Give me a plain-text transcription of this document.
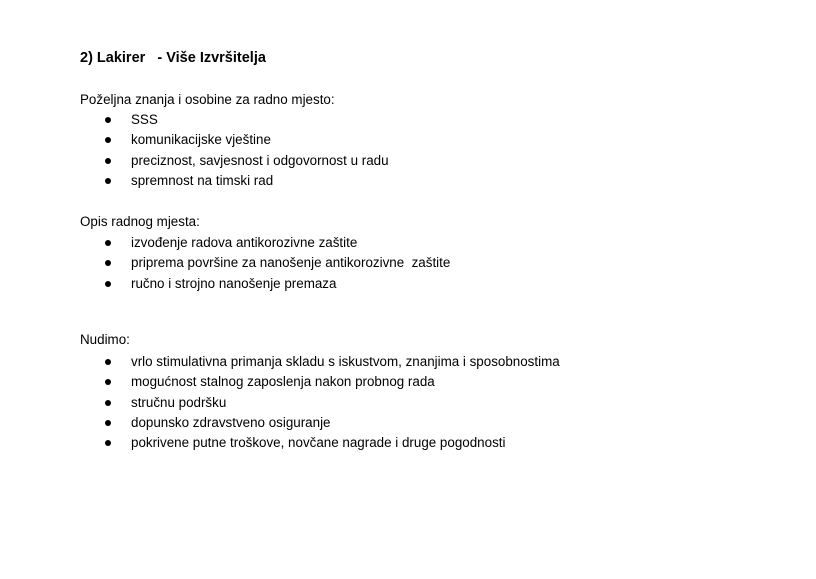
2) Lakirer   - Više Izvršitelja
Poželjna znanja i osobine za radno mjesto:
SSS
komunikacijske vještine
preciznost, savjesnost i odgovornost u radu
spremnost na timski rad
Opis radnog mjesta:
izvođenje radova antikorozivne zaštite
priprema površine za nanošenje antikorozivne  zaštite
ručno i strojno nanošenje premaza
Nudimo:
vrlo stimulativna primanja skladu s iskustvom, znanjima i sposobnostima
mogućnost stalnog zaposlenja nakon probnog rada
stručnu podršku
dopunsko zdravstveno osiguranje
pokrivene putne troškove, novčane nagrade i druge pogodnosti
